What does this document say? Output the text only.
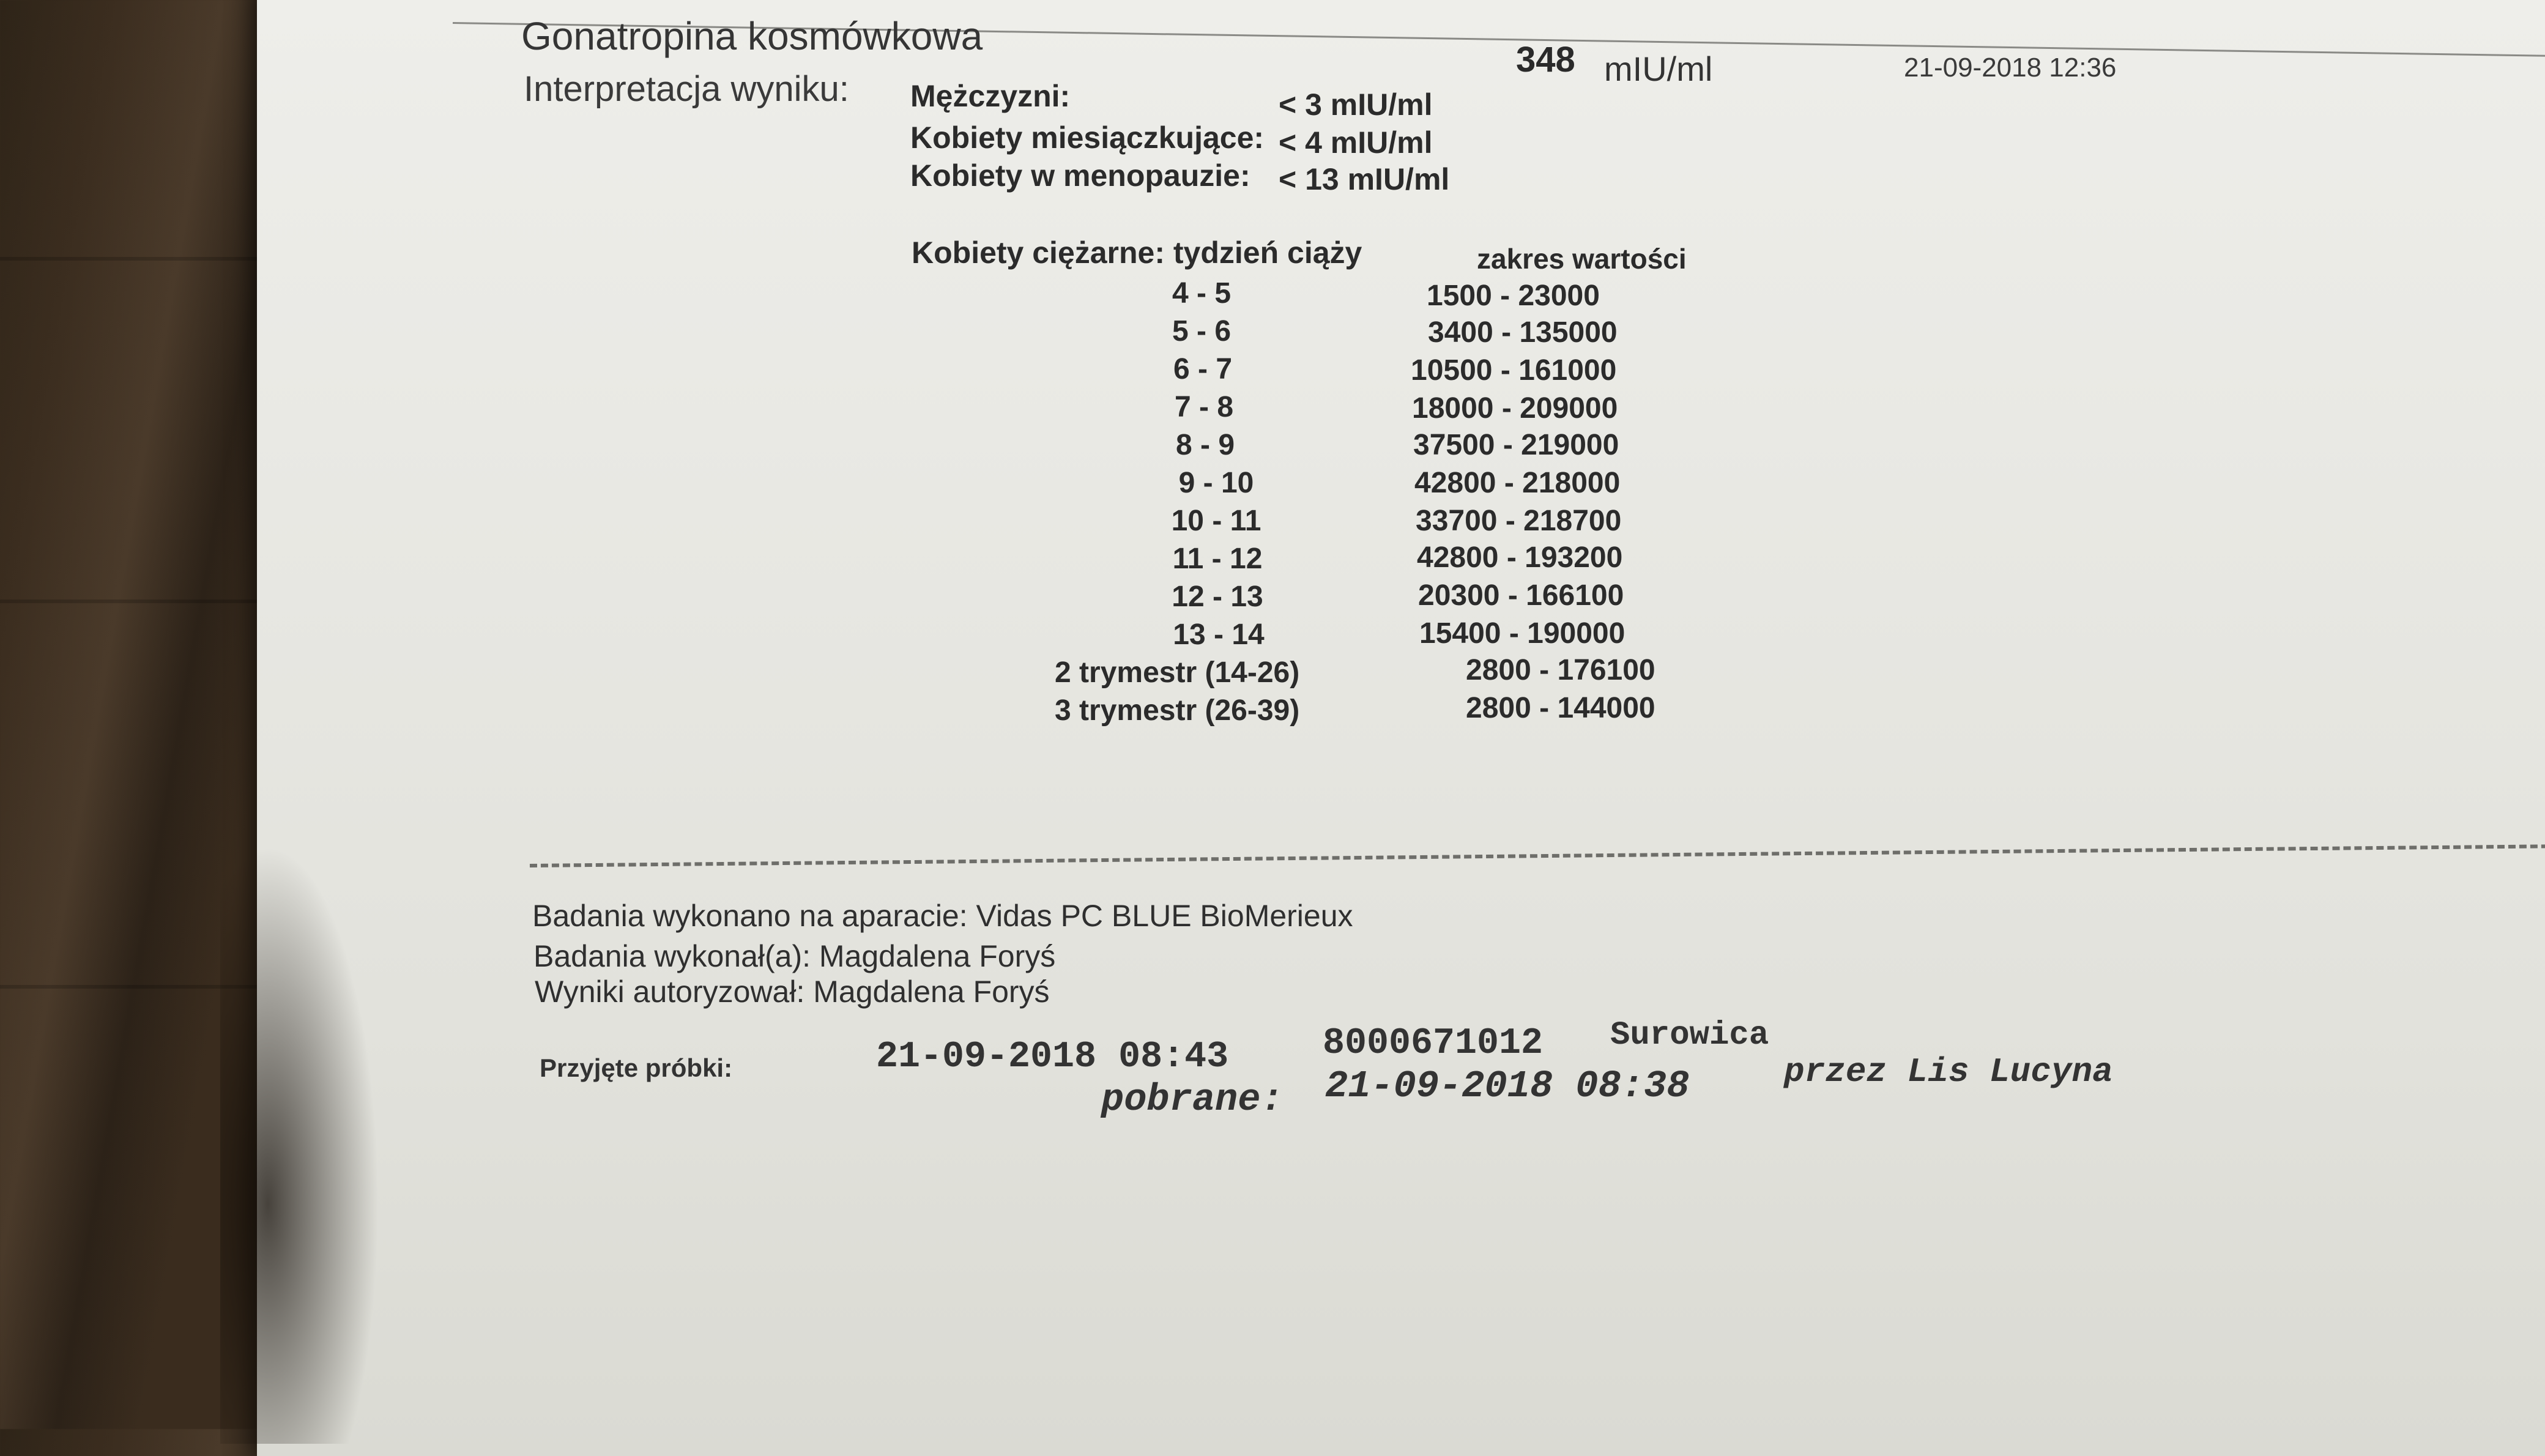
Gonatropina kosmówkowa
348 mIU/ml	21-09-2018 12:36
Interpretacja wyniku: Mężczyzni:	< 3 mIU/ml
Kobiety miesiączkujące: < 4 mIU/ml
Kobiety w menopauzie: < 13 mIU/ml
Kobiety ciężarne: tydzień ciąży	zakres wartości
4 - 5	1500 - 23000
5 - 6	3400 - 135000
6 - 7	10500 - 161000
7 - 8	18000 - 209000
8 - 9	37500 - 219000
9 - 10	42800 - 218000
10 - 11	33700 - 218700
11 - 12	42800 - 193200
12 - 13	20300 - 166100
13 - 14	15400 - 190000
2 trymestr (14-26)	2800 - 176100
3 trymestr (26-39)	2800 - 144000
Badania wykonano na aparacie: Vidas PC BLUE BioMerieux
Badania wykonał(a): Magdalena Foryś
Wyniki autoryzował: Magdalena Foryś
Przyjęte próbki:	21-09-2018 08:43	8000671012 Surowica
pobrane: 21-09-2018 08:38	przez Lis Lucyna
